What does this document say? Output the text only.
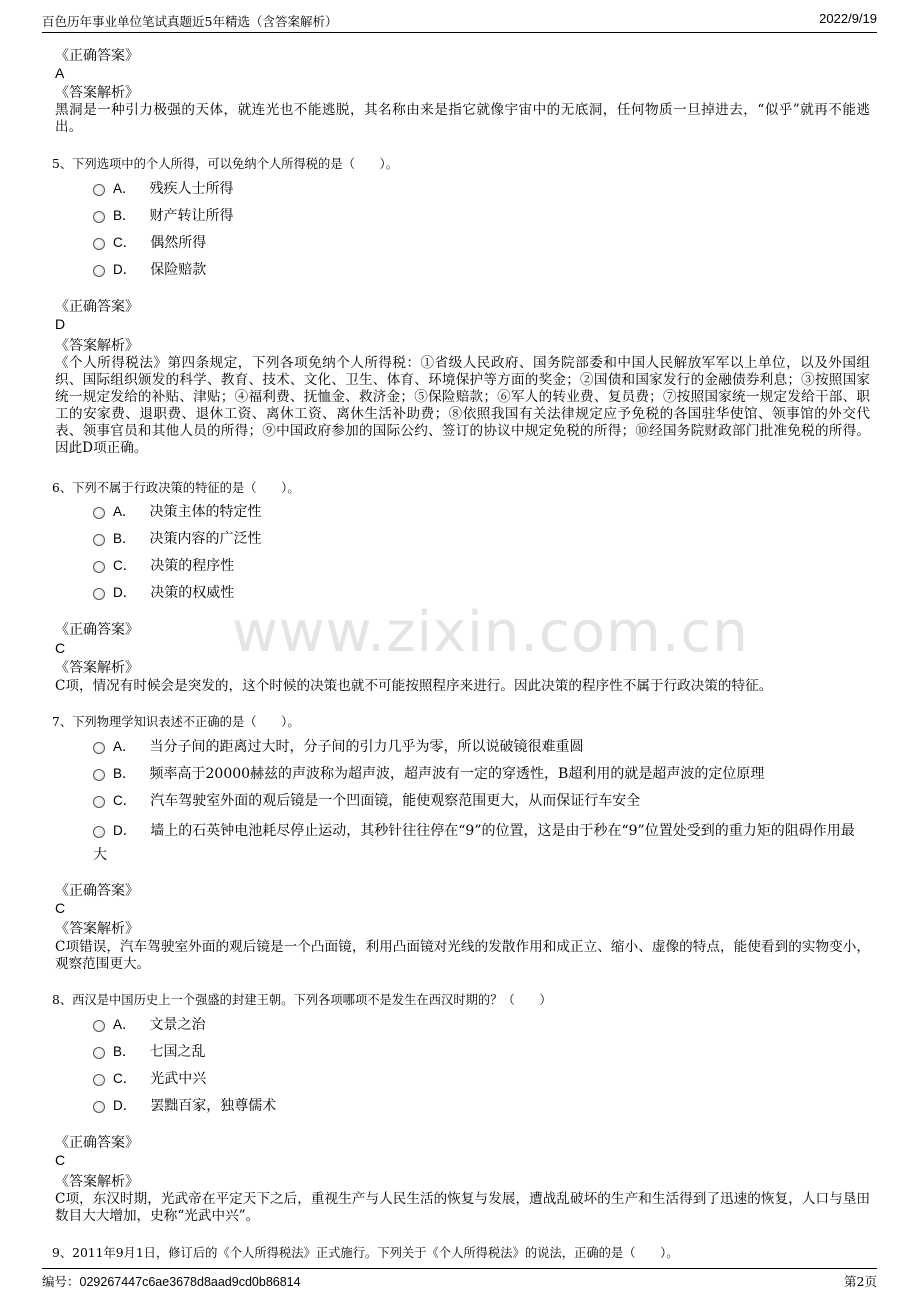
百色历年事业单位笔试真题近5年精选（含答案解析）	2022/9/19
www.zixin.com.cn
《正确答案》
A
《答案解析》
黑洞是一种引力极强的天体，就连光也不能逃脱，其名称由来是指它就像宇宙中的无底洞，任何物质一旦掉进去，“似乎”就再不能逃出。
5、下列选项中的个人所得，可以免纳个人所得税的是（　　）。
A． 残疾人士所得
B． 财产转让所得
C． 偶然所得
D． 保险赔款
《正确答案》
D
《答案解析》
《个人所得税法》第四条规定，下列各项免纳个人所得税：①省级人民政府、国务院部委和中国人民解放军军以上单位，以及外国组织、国际组织颁发的科学、教育、技术、文化、卫生、体育、环境保护等方面的奖金；②国债和国家发行的金融债券利息；③按照国家统一规定发给的补贴、津贴；④福利费、抚恤金、救济金；⑤保险赔款；⑥军人的转业费、复员费；⑦按照国家统一规定发给干部、职工的安家费、退职费、退休工资、离休工资、离休生活补助费；⑧依照我国有关法律规定应予免税的各国驻华使馆、领事馆的外交代表、领事官员和其他人员的所得；⑨中国政府参加的国际公约、签订的协议中规定免税的所得；⑩经国务院财政部门批准免税的所得。因此D项正确。
6、下列不属于行政决策的特征的是（　　）。
A． 决策主体的特定性
B． 决策内容的广泛性
C． 决策的程序性
D． 决策的权威性
《正确答案》
C
《答案解析》
C项，情况有时候会是突发的，这个时候的决策也就不可能按照程序来进行。因此决策的程序性不属于行政决策的特征。
7、下列物理学知识表述不正确的是（　　）。
A． 当分子间的距离过大时，分子间的引力几乎为零，所以说破镜很难重圆
B． 频率高于20000赫兹的声波称为超声波，超声波有一定的穿透性，B超利用的就是超声波的定位原理
C． 汽车驾驶室外面的观后镜是一个凹面镜，能使观察范围更大，从而保证行车安全
D． 墙上的石英钟电池耗尽停止运动，其秒针往往停在“9”的位置，这是由于秒在“9”位置处受到的重力矩的阻碍作用最大
《正确答案》
C
《答案解析》
C项错误，汽车驾驶室外面的观后镜是一个凸面镜，利用凸面镜对光线的发散作用和成正立、缩小、虚像的特点，能使看到的实物变小，观察范围更大。
8、西汉是中国历史上一个强盛的封建王朝。下列各项哪项不是发生在西汉时期的？（　　）
A． 文景之治
B． 七国之乱
C． 光武中兴
D． 罢黜百家，独尊儒术
《正确答案》
C
《答案解析》
C项，东汉时期，光武帝在平定天下之后，重视生产与人民生活的恢复与发展，遭战乱破坏的生产和生活得到了迅速的恢复，人口与垦田数目大大增加，史称“光武中兴”。
9、2011年9月1日，修订后的《个人所得税法》正式施行。下列关于《个人所得税法》的说法，正确的是（　　）。
编号：029267447c6ae3678d8aad9cd0b86814	第2页
